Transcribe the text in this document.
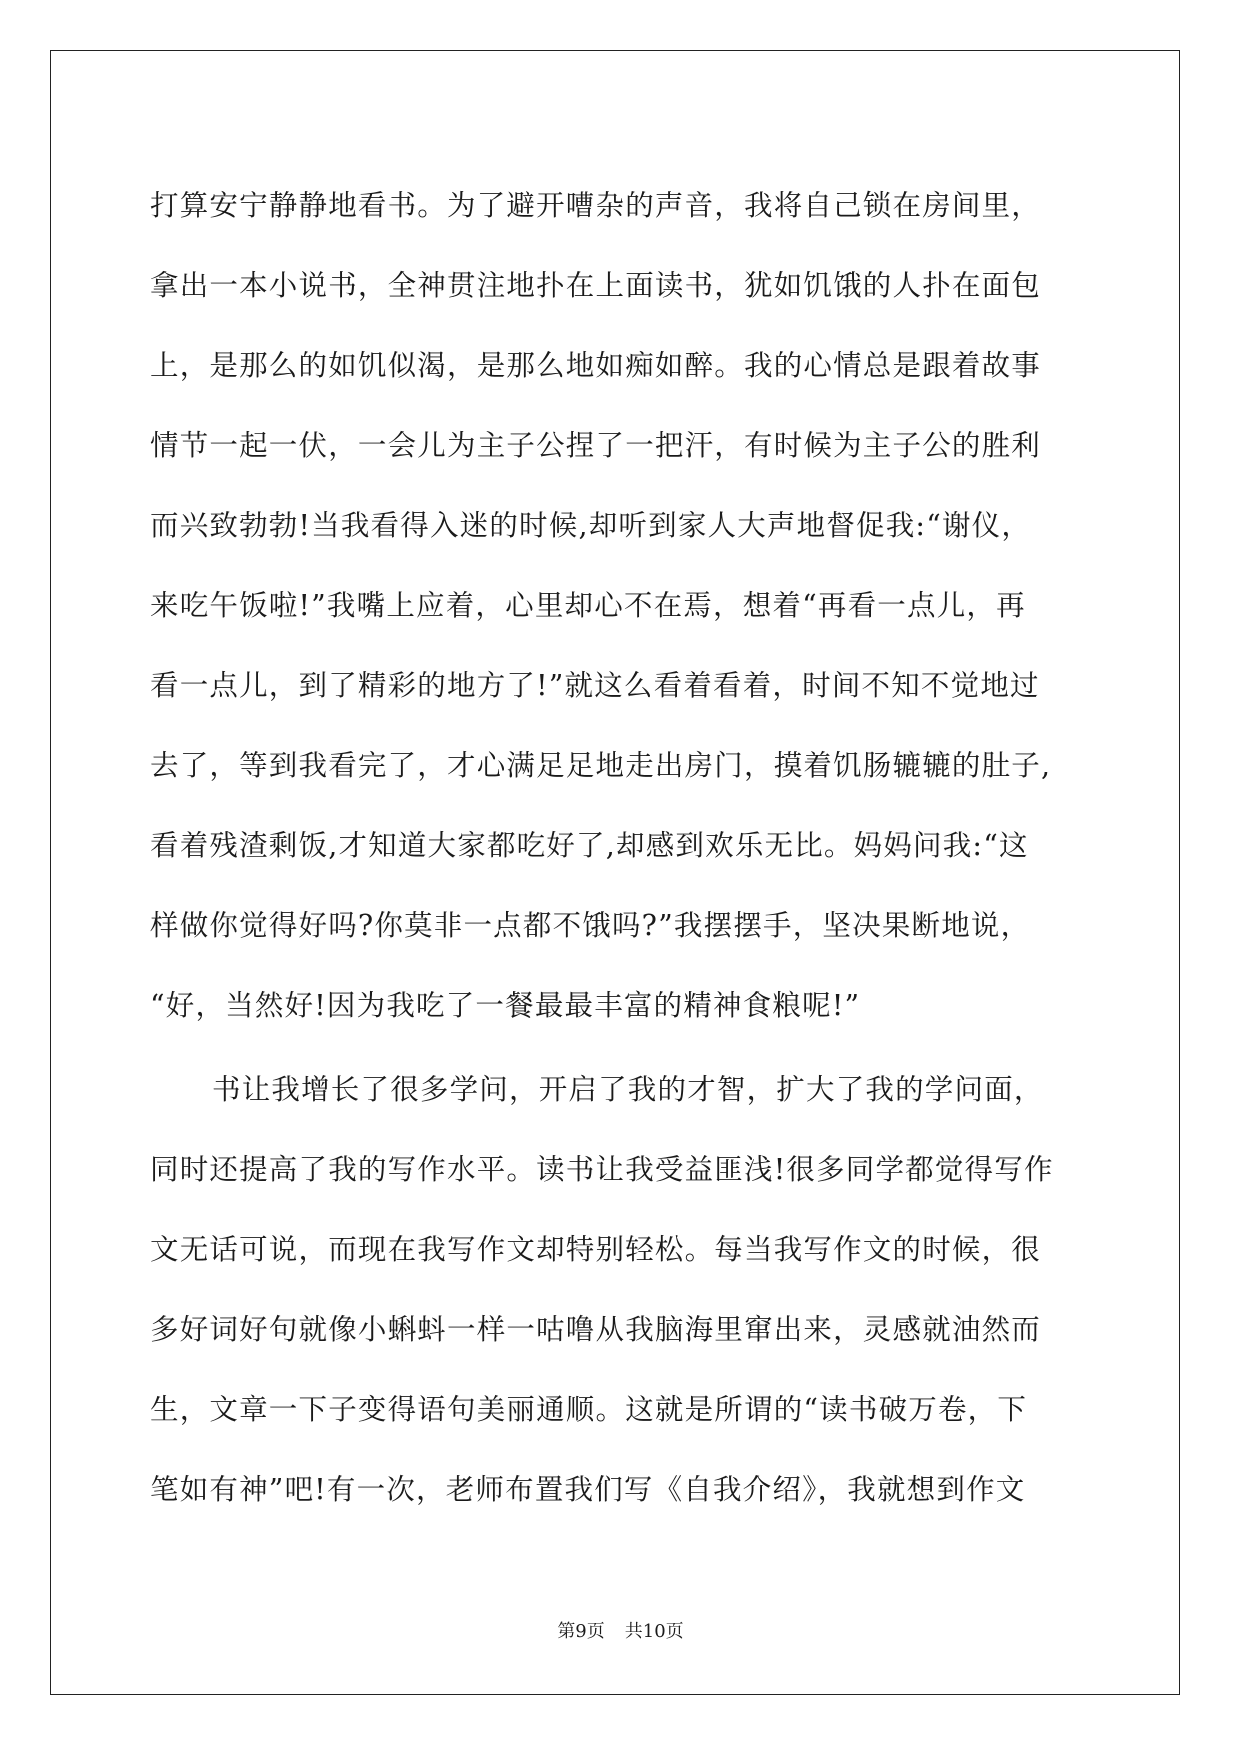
打算安宁静静地看书。为了避开嘈杂的声音，我将自己锁在房间里，
拿出一本小说书，全神贯注地扑在上面读书，犹如饥饿的人扑在面包
上，是那么的如饥似渴，是那么地如痴如醉。我的心情总是跟着故事
情节一起一伏，一会儿为主子公捏了一把汗，有时候为主子公的胜利
而兴致勃勃!当我看得入迷的时候,却听到家人大声地督促我:“谢仪，
来吃午饭啦!”我嘴上应着，心里却心不在焉，想着“再看一点儿，再
看一点儿，到了精彩的地方了!”就这么看着看着，时间不知不觉地过
去了，等到我看完了，才心满足足地走出房门，摸着饥肠辘辘的肚子,
看着残渣剩饭,才知道大家都吃好了,却感到欢乐无比。妈妈问我:“这
样做你觉得好吗?你莫非一点都不饿吗?”我摆摆手，坚决果断地说，
“好，当然好!因为我吃了一餐最最丰富的精神食粮呢!”
书让我增长了很多学问，开启了我的才智，扩大了我的学问面，
同时还提高了我的写作水平。读书让我受益匪浅!很多同学都觉得写作
文无话可说，而现在我写作文却特别轻松。每当我写作文的时候，很
多好词好句就像小蝌蚪一样一咕噜从我脑海里窜出来，灵感就油然而
生，文章一下子变得语句美丽通顺。这就是所谓的“读书破万卷，下
笔如有神”吧!有一次，老师布置我们写《自我介绍》，我就想到作文
第9页 共10页
